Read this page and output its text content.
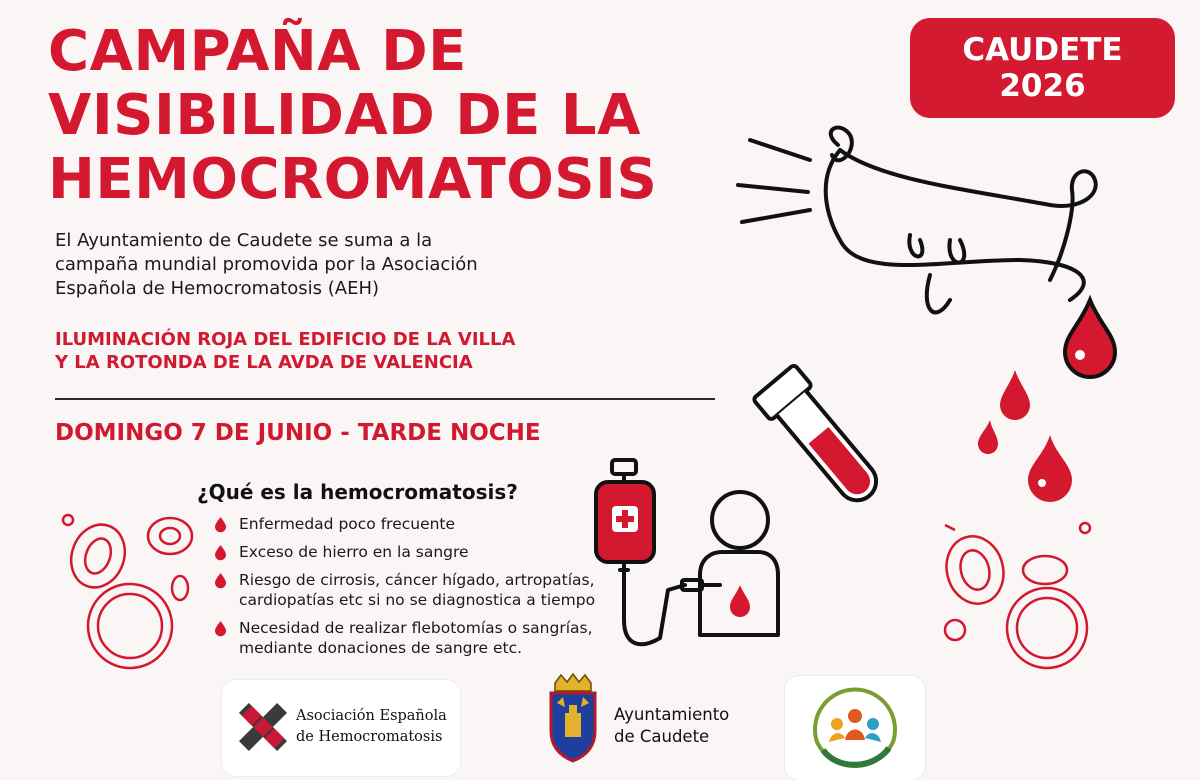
CAMPAÑA DE
VISIBILIDAD DE LA
HEMOCROMATOSIS
CAUDETE
2026
El Ayuntamiento de Caudete se suma a la
campaña mundial promovida por la Asociación
Española de Hemocromatosis (AEH)
ILUMINACIÓN ROJA DEL EDIFICIO DE LA VILLA
Y LA ROTONDA DE LA AVDA DE VALENCIA
DOMINGO 7 DE JUNIO - TARDE NOCHE
¿Qué es la hemocromatosis?
Enfermedad poco frecuente
Exceso de hierro en la sangre
Riesgo de cirrosis, cáncer hígado, artropatías,
cardiopatías etc si no se diagnostica a tiempo
Necesidad de realizar flebotomías o sangrías,
mediante donaciones de sangre etc.
Asociación Española
de Hemocromatosis
Ayuntamiento
de Caudete
